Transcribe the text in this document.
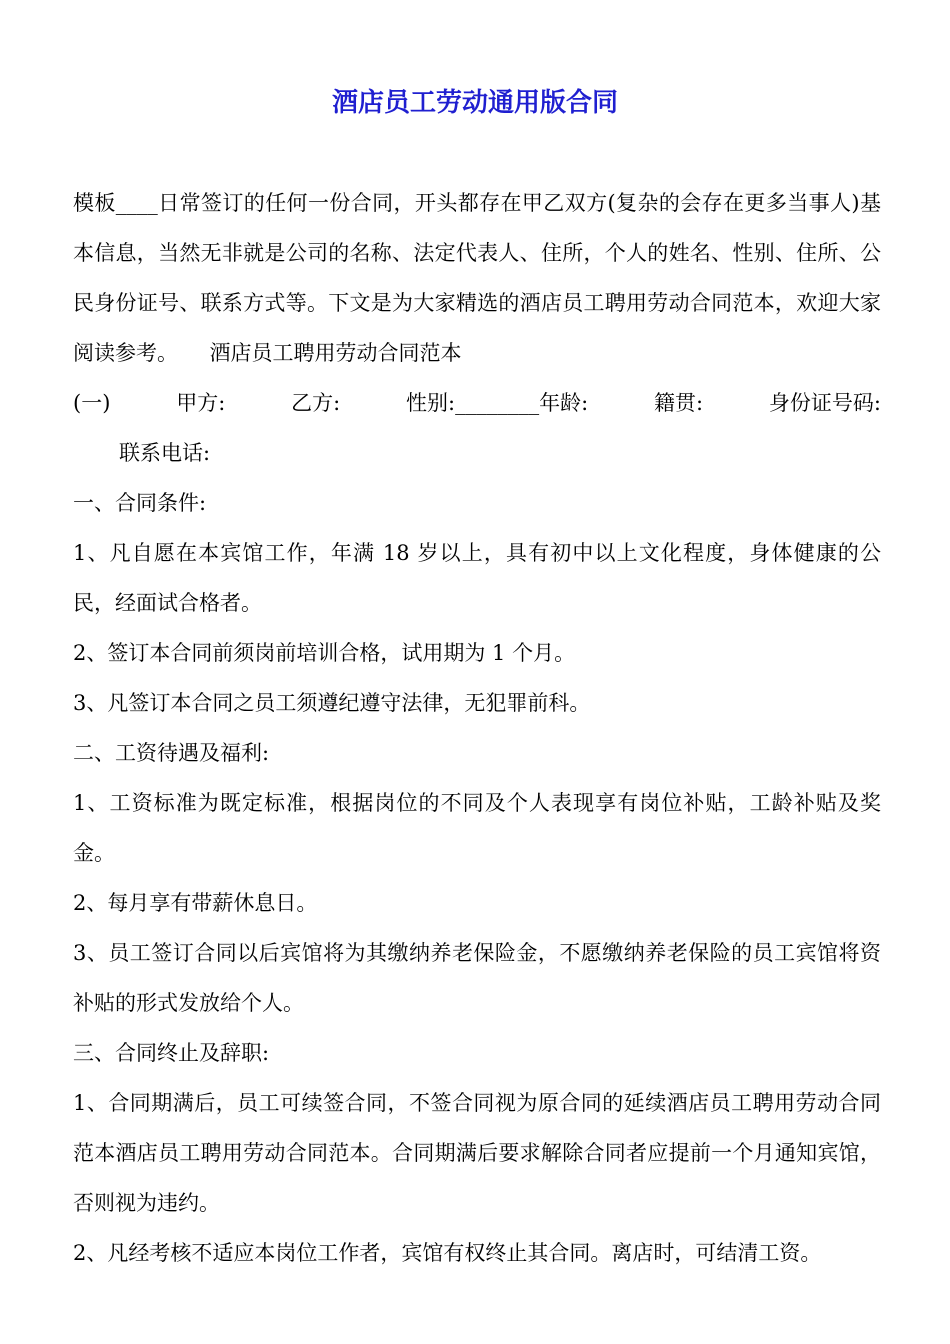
酒店员工劳动通用版合同

模板____日常签订的任何一份合同，开头都存在甲乙双方(复杂的会存在更多当事人)基本信息，当然无非就是公司的名称、法定代表人、住所，个人的姓名、性别、住所、公民身份证号、联系方式等。下文是为大家精选的酒店员工聘用劳动合同范本，欢迎大家阅读参考。　　酒店员工聘用劳动合同范本

(一)	甲方:	乙方:	性别:________年龄:	籍贯:	身份证号码:

联系电话:

一、合同条件:

1、凡自愿在本宾馆工作，年满 18 岁以上，具有初中以上文化程度，身体健康的公民，经面试合格者。

2、签订本合同前须岗前培训合格，试用期为 1 个月。

3、凡签订本合同之员工须遵纪遵守法律，无犯罪前科。

二、工资待遇及福利:

1、工资标准为既定标准，根据岗位的不同及个人表现享有岗位补贴，工龄补贴及奖金。

2、每月享有带薪休息日。

3、员工签订合同以后宾馆将为其缴纳养老保险金，不愿缴纳养老保险的员工宾馆将资补贴的形式发放给个人。

三、合同终止及辞职:

1、合同期满后，员工可续签合同，不签合同视为原合同的延续酒店员工聘用劳动合同范本酒店员工聘用劳动合同范本。合同期满后要求解除合同者应提前一个月通知宾馆，否则视为违约。

2、凡经考核不适应本岗位工作者，宾馆有权终止其合同。离店时，可结清工资。
